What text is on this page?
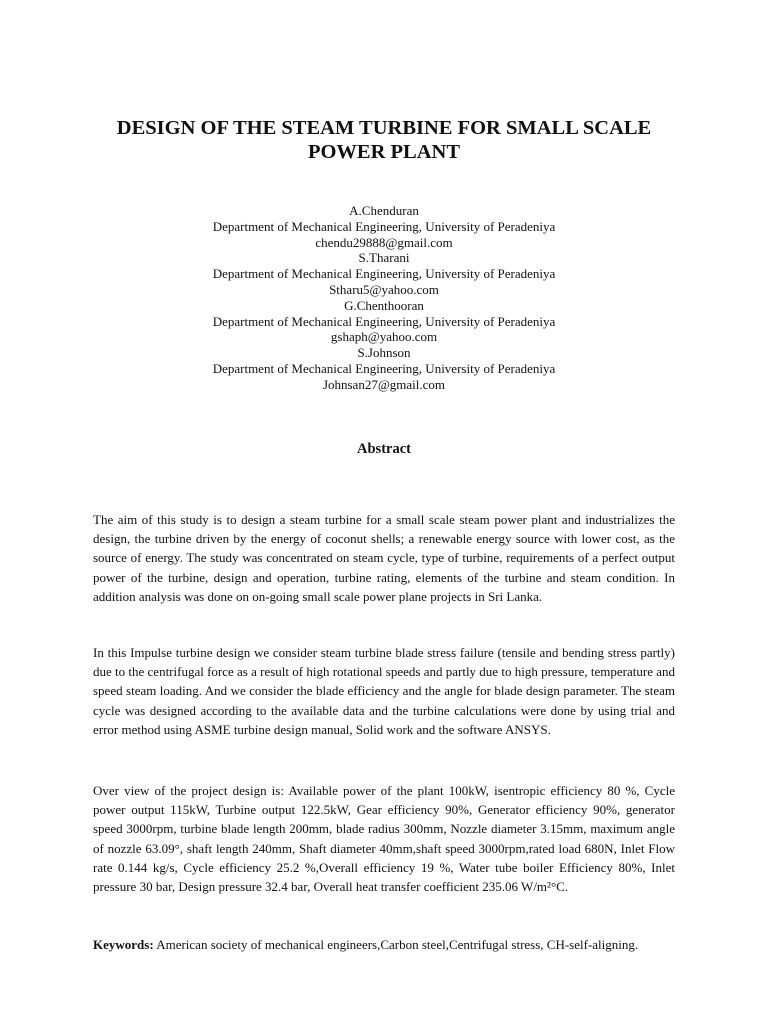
DESIGN OF THE STEAM TURBINE FOR SMALL SCALE
POWER PLANT
A.Chenduran
Department of Mechanical Engineering, University of Peradeniya
chendu29888@gmail.com
S.Tharani
Department of Mechanical Engineering, University of Peradeniya
Stharu5@yahoo.com
G.Chenthooran
Department of Mechanical Engineering, University of Peradeniya
gshaph@yahoo.com
S.Johnson
Department of Mechanical Engineering, University of Peradeniya
Johnsan27@gmail.com
Abstract

The aim of this study is to design a steam turbine for a small scale steam power plant and industrializes the design, the turbine driven by the energy of coconut shells; a renewable energy source with lower cost, as the source of energy. The study was concentrated on steam cycle, type of turbine, requirements of a perfect output power of the turbine, design and operation, turbine rating, elements of the turbine and steam condition. In addition analysis was done on on-going small scale power plane projects in Sri Lanka.

In this Impulse turbine design we consider steam turbine blade stress failure (tensile and bending stress partly) due to the centrifugal force as a result of high rotational speeds and partly due to high pressure, temperature and speed steam loading. And we consider the blade efficiency and the angle for blade design parameter. The steam cycle was designed according to the available data and the turbine calculations were done by using trial and error method using ASME turbine design manual, Solid work and the software ANSYS.

Over view of the project design is: Available power of the plant 100kW, isentropic efficiency 80 %, Cycle power output 115kW, Turbine output 122.5kW, Gear efficiency 90%, Generator efficiency 90%, generator speed 3000rpm, turbine blade length 200mm, blade radius 300mm, Nozzle diameter 3.15mm, maximum angle of nozzle 63.09°, shaft length 240mm, Shaft diameter 40mm,shaft speed 3000rpm,rated load 680N, Inlet Flow rate 0.144 kg/s, Cycle efficiency 25.2 %,Overall efficiency 19 %, Water tube boiler Efficiency 80%, Inlet pressure 30 bar, Design pressure 32.4 bar, Overall heat transfer coefficient 235.06 W/m²°C.

Keywords: American society of mechanical engineers,Carbon steel,Centrifugal stress, CH-self-aligning.
